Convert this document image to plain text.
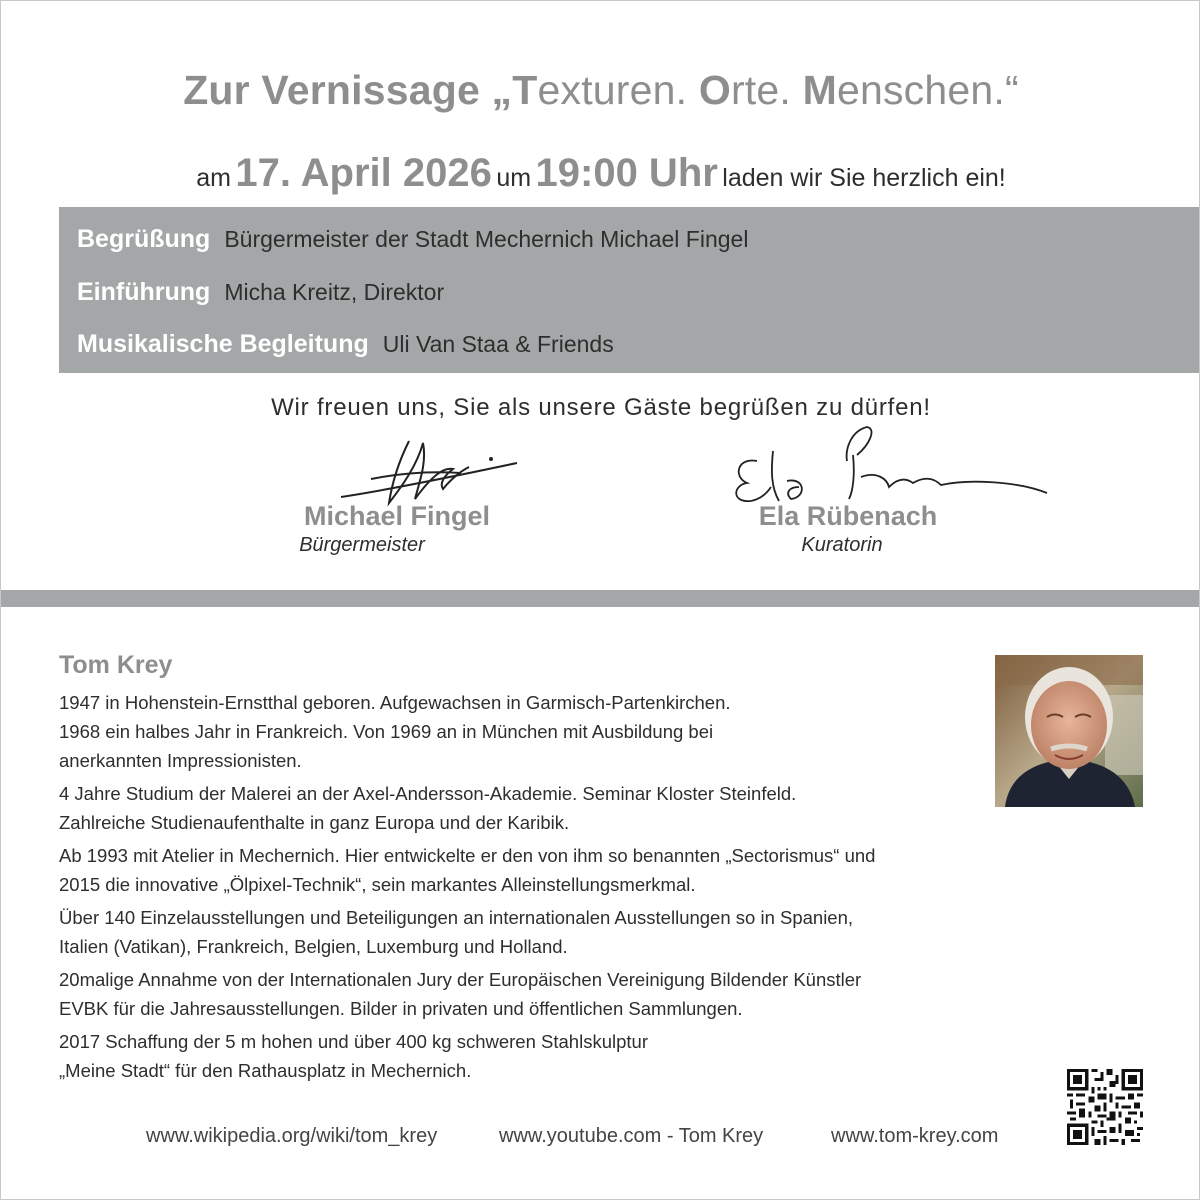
Zur Vernissage „Texturen. Orte. Menschen.“
am 17. April 2026 um 19:00 Uhr laden wir Sie herzlich ein!
Begrüßung Bürgermeister der Stadt Mechernich Michael Fingel
Einführung Micha Kreitz, Direktor
Musikalische Begleitung Uli Van Staa & Friends
Wir freuen uns, Sie als unsere Gäste begrüßen zu dürfen!
Michael Fingel
Bürgermeister
Ela Rübenach
Kuratorin
Tom Krey

1947 in Hohenstein-Ernstthal geboren. Aufgewachsen in Garmisch-Partenkirchen.
1968 ein halbes Jahr in Frankreich. Von 1969 an in München mit Ausbildung bei
anerkannten Impressionisten.

4 Jahre Studium der Malerei an der Axel-Andersson-Akademie. Seminar Kloster Steinfeld.
Zahlreiche Studienaufenthalte in ganz Europa und der Karibik.

Ab 1993 mit Atelier in Mechernich. Hier entwickelte er den von ihm so benannten „Sectorismus“ und
2015 die innovative „Ölpixel-Technik“, sein markantes Alleinstellungsmerkmal.

Über 140 Einzelausstellungen und Beteiligungen an internationalen Ausstellungen so in Spanien,
Italien (Vatikan), Frankreich, Belgien, Luxemburg und Holland.

20malige Annahme von der Internationalen Jury der Europäischen Vereinigung Bildender Künstler
EVBK für die Jahresausstellungen. Bilder in privaten und öffentlichen Sammlungen.

2017 Schaffung der 5 m hohen und über 400 kg schweren Stahlskulptur
„Meine Stadt“ für den Rathausplatz in Mechernich.

www.wikipedia.org/wiki/tom_krey	www.youtube.com - Tom Krey	www.tom-krey.com
